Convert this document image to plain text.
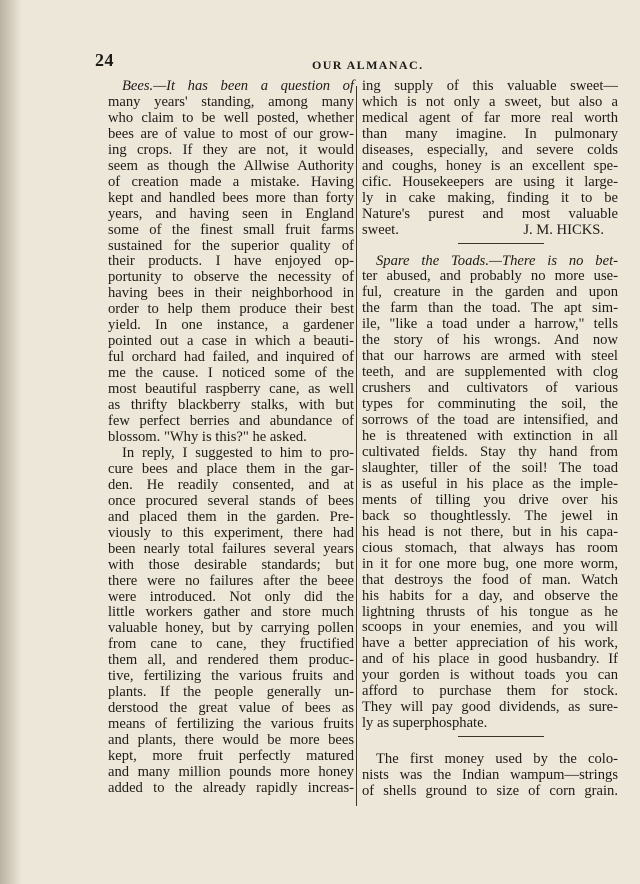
24	OUR ALMANAC.
Bees.—It has been a question of
many years' standing, among many
who claim to be well posted, whether
bees are of value to most of our grow-
ing crops. If they are not, it would
seem as though the Allwise Authority
of creation made a mistake. Having
kept and handled bees more than forty
years, and having seen in England
some of the finest small fruit farms
sustained for the superior quality of
their products. I have enjoyed op-
portunity to observe the necessity of
having bees in their neighborhood in
order to help them produce their best
yield. In one instance, a gardener
pointed out a case in which a beauti-
ful orchard had failed, and inquired of
me the cause. I noticed some of the
most beautiful raspberry cane, as well
as thrifty blackberry stalks, with but
few perfect berries and abundance of
blossom. "Why is this?" he asked.
In reply, I suggested to him to pro-
cure bees and place them in the gar-
den. He readily consented, and at
once procured several stands of bees
and placed them in the garden. Pre-
viously to this experiment, there had
been nearly total failures several years
with those desirable standards; but
there were no failures after the beee
were introduced. Not only did the
little workers gather and store much
valuable honey, but by carrying pollen
from cane to cane, they fructified
them all, and rendered them produc-
tive, fertilizing the various fruits and
plants. If the people generally un-
derstood the great value of bees as
means of fertilizing the various fruits
and plants, there would be more bees
kept, more fruit perfectly matured
and many million pounds more honey
added to the already rapidly increas-
ing supply of this valuable sweet—
which is not only a sweet, but also a
medical agent of far more real worth
than many imagine. In pulmonary
diseases, especially, and severe colds
and coughs, honey is an excellent spe-
cific. Housekeepers are using it large-
ly in cake making, finding it to be
Nature's purest and most valuable
sweet.	J. M. HICKS.
Spare the Toads.—There is no bet-
ter abused, and probably no more use-
ful, creature in the garden and upon
the farm than the toad. The apt sim-
ile, "like a toad under a harrow," tells
the story of his wrongs. And now
that our harrows are armed with steel
teeth, and are supplemented with clog
crushers and cultivators of various
types for comminuting the soil, the
sorrows of the toad are intensified, and
he is threatened with extinction in all
cultivated fields. Stay thy hand from
slaughter, tiller of the soil! The toad
is as useful in his place as the imple-
ments of tilling you drive over his
back so thoughtlessly. The jewel in
his head is not there, but in his capa-
cious stomach, that always has room
in it for one more bug, one more worm,
that destroys the food of man. Watch
his habits for a day, and observe the
lightning thrusts of his tongue as he
scoops in your enemies, and you will
have a better appreciation of his work,
and of his place in good husbandry. If
your gorden is without toads you can
afford to purchase them for stock.
They will pay good dividends, as sure-
ly as superphosphate.
The first money used by the colo-
nists was the Indian wampum—strings
of shells ground to size of corn grain.
